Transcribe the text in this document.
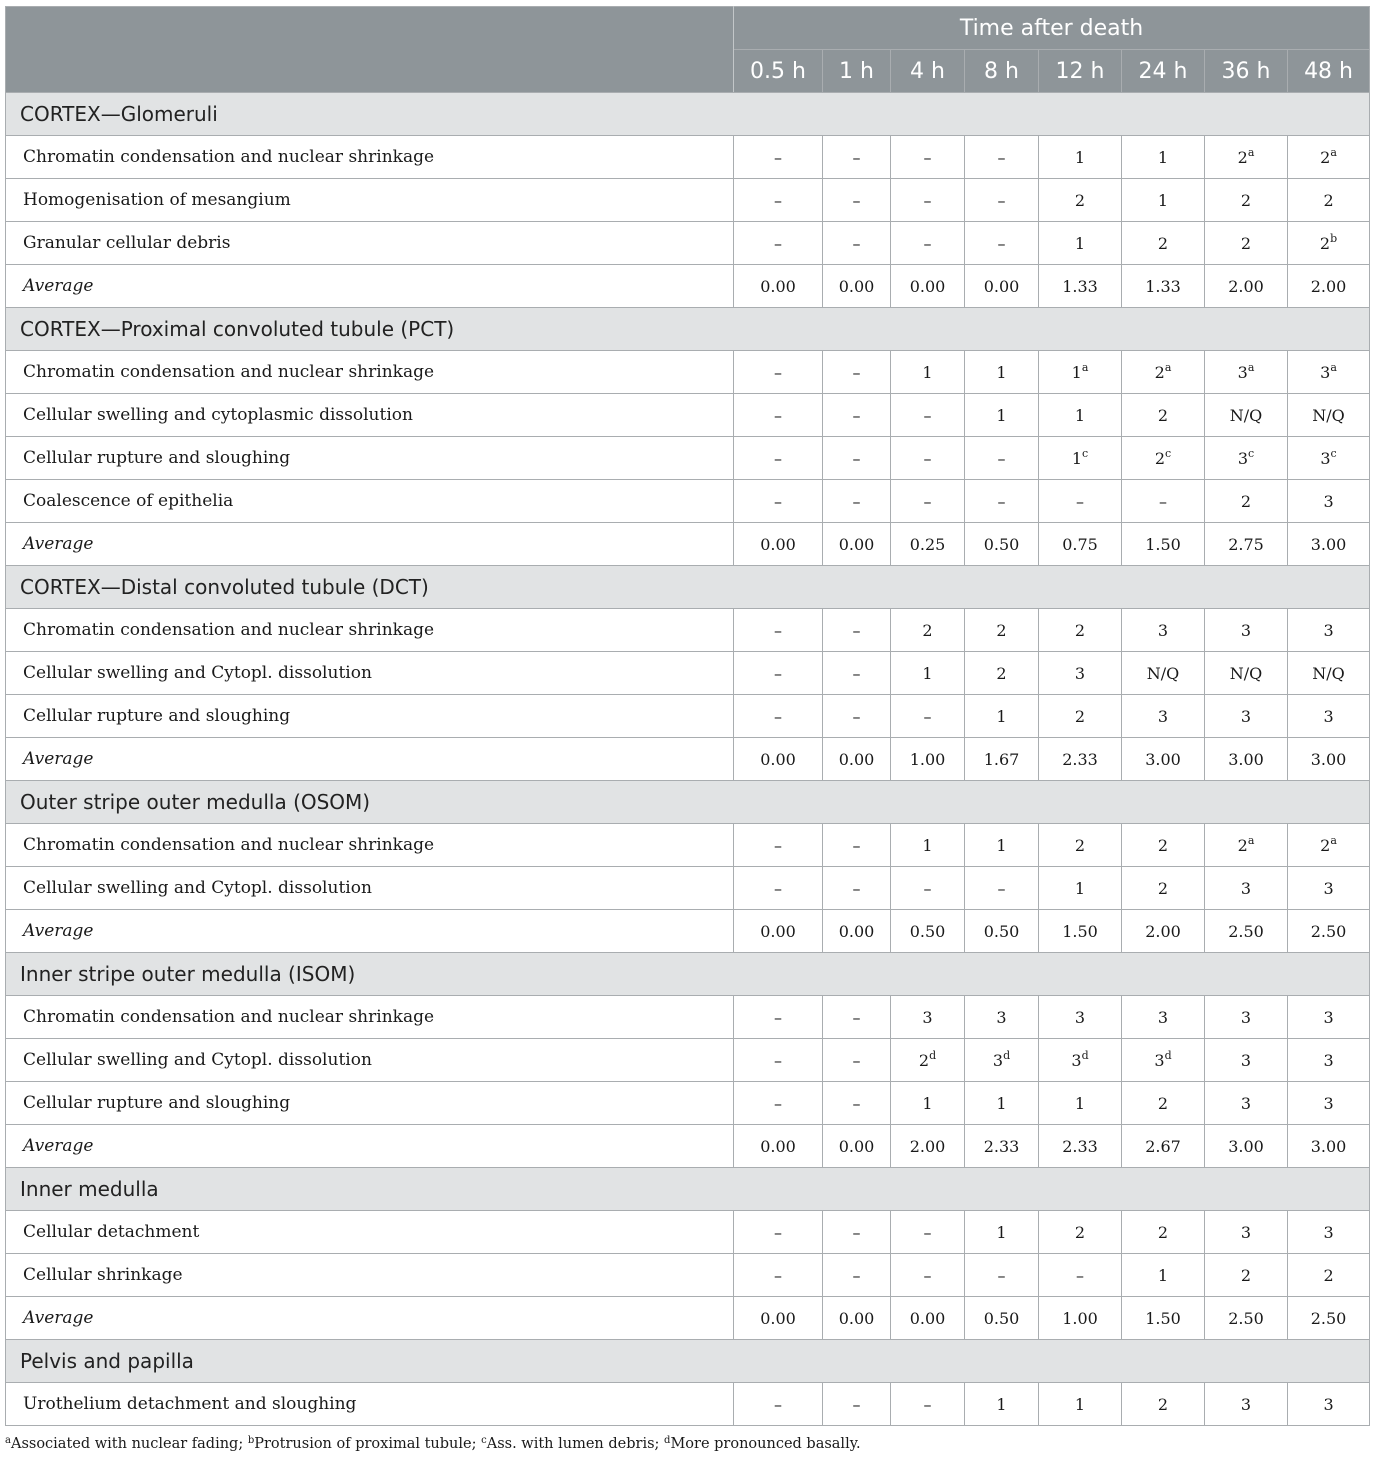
	Time after death							
	0.5 h	1 h	4 h	8 h	12 h	24 h	36 h	48 h
CORTEX—Glomeruli								
Chromatin condensation and nuclear shrinkage	–	–	–	–	1	1	2$^a$	2$^a$
Homogenisation of mesangium	–	–	–	–	2	1	2	2
Granular cellular debris	–	–	–	–	1	2	2	2$^b$
Average	0.00	0.00	0.00	0.00	1.33	1.33	2.00	2.00
CORTEX—Proximal convoluted tubule (PCT)								
Chromatin condensation and nuclear shrinkage	–	–	1	1	1$^a$	2$^a$	3$^a$	3$^a$
Cellular swelling and cytoplasmic dissolution	–	–	–	1	1	2	N/Q	N/Q
Cellular rupture and sloughing	–	–	–	–	1$^c$	2$^c$	3$^c$	3$^c$
Coalescence of epithelia	–	–	–	–	–	–	2	3
Average	0.00	0.00	0.25	0.50	0.75	1.50	2.75	3.00
CORTEX—Distal convoluted tubule (DCT)								
Chromatin condensation and nuclear shrinkage	–	–	2	2	2	3	3	3
Cellular swelling and Cytopl. dissolution	–	–	1	2	3	N/Q	N/Q	N/Q
Cellular rupture and sloughing	–	–	–	1	2	3	3	3
Average	0.00	0.00	1.00	1.67	2.33	3.00	3.00	3.00
Outer stripe outer medulla (OSOM)								
Chromatin condensation and nuclear shrinkage	–	–	1	1	2	2	2$^a$	2$^a$
Cellular swelling and Cytopl. dissolution	–	–	–	–	1	2	3	3
Average	0.00	0.00	0.50	0.50	1.50	2.00	2.50	2.50
Inner stripe outer medulla (ISOM)								
Chromatin condensation and nuclear shrinkage	–	–	3	3	3	3	3	3
Cellular swelling and Cytopl. dissolution	–	–	2$^d$	3$^d$	3$^d$	3$^d$	3	3
Cellular rupture and sloughing	–	–	1	1	1	2	3	3
Average	0.00	0.00	2.00	2.33	2.33	2.67	3.00	3.00
Inner medulla								
Cellular detachment	–	–	–	1	2	2	3	3
Cellular shrinkage	–	–	–	–	–	1	2	2
Average	0.00	0.00	0.00	0.50	1.00	1.50	2.50	2.50
Pelvis and papilla								
Urothelium detachment and sloughing	–	–	–	1	1	2	3	3
$^a$Associated with nuclear fading; $^b$Protrusion of proximal tubule; $^c$Ass. with lumen debris; $^d$More pronounced basally.
